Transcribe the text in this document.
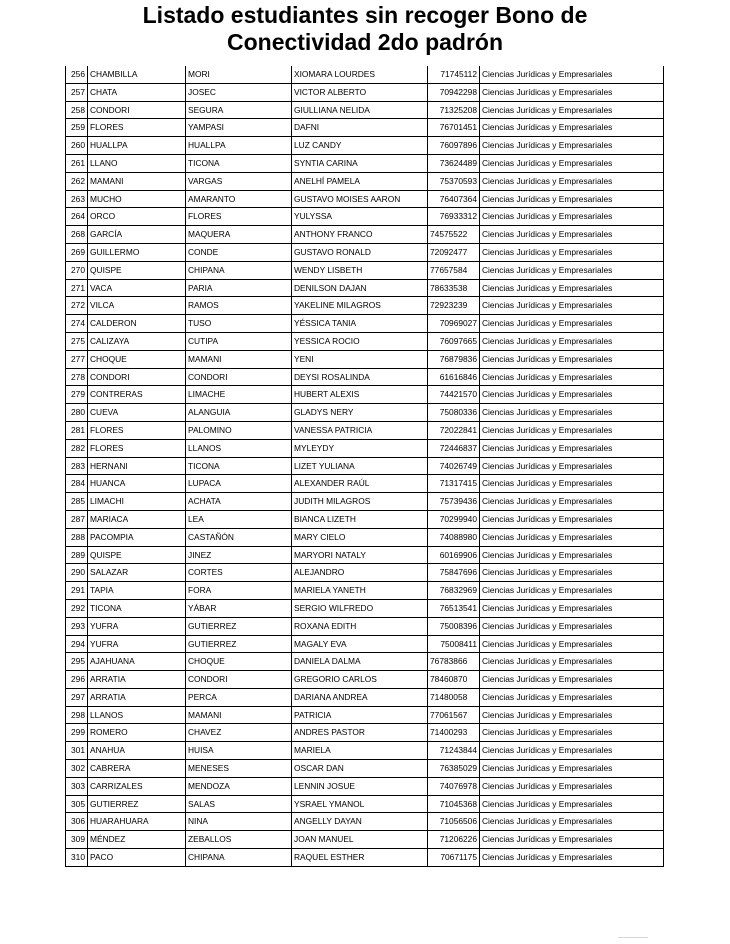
Listado estudiantes sin recoger Bono de
Conectividad 2do padrón
256	CHAMBILLA	MORI	XIOMARA LOURDES	71745112	Ciencias Jurídicas y Empresariales
257	CHATA	JOSEC	VICTOR ALBERTO	70942298	Ciencias Jurídicas y Empresariales
258	CONDORI	SEGURA	GIULLIANA NELIDA	71325208	Ciencias Jurídicas y Empresariales
259	FLORES	YAMPASI	DAFNI	76701451	Ciencias Jurídicas y Empresariales
260	HUALLPA	HUALLPA	LUZ CANDY	76097896	Ciencias Jurídicas y Empresariales
261	LLANO	TICONA	SYNTIA CARINA	73624489	Ciencias Jurídicas y Empresariales
262	MAMANI	VARGAS	ANELHÍ PAMELA	75370593	Ciencias Jurídicas y Empresariales
263	MUCHO	AMARANTO	GUSTAVO MOISES AARON	76407364	Ciencias Jurídicas y Empresariales
264	ORCO	FLORES	YULYSSA	76933312	Ciencias Jurídicas y Empresariales
268	GARCÍA	MAQUERA	ANTHONY FRANCO	74575522	Ciencias Jurídicas y Empresariales
269	GUILLERMO	CONDE	GUSTAVO RONALD	72092477	Ciencias Jurídicas y Empresariales
270	QUISPE	CHIPANA	WENDY LISBETH	77657584	Ciencias Jurídicas y Empresariales
271	VACA	PARIA	DENILSON DAJAN	78633538	Ciencias Jurídicas y Empresariales
272	VILCA	RAMOS	YAKELINE MILAGROS	72923239	Ciencias Jurídicas y Empresariales
274	CALDERON	TUSO	YÉSSICA TANIA	70969027	Ciencias Jurídicas y Empresariales
275	CALIZAYA	CUTIPA	YESSICA ROCIO	76097665	Ciencias Jurídicas y Empresariales
277	CHOQUE	MAMANI	YENI	76879836	Ciencias Jurídicas y Empresariales
278	CONDORI	CONDORI	DEYSI ROSALINDA	61616846	Ciencias Jurídicas y Empresariales
279	CONTRERAS	LIMACHE	HUBERT ALEXIS	74421570	Ciencias Jurídicas y Empresariales
280	CUEVA	ALANGUIA	GLADYS NERY	75080336	Ciencias Jurídicas y Empresariales
281	FLORES	PALOMINO	VANESSA PATRICIA	72022841	Ciencias Jurídicas y Empresariales
282	FLORES	LLANOS	MYLEYDY	72446837	Ciencias Jurídicas y Empresariales
283	HERNANI	TICONA	LIZET YULIANA	74026749	Ciencias Jurídicas y Empresariales
284	HUANCA	LUPACA	ALEXANDER RAÚL	71317415	Ciencias Jurídicas y Empresariales
285	LIMACHI	ACHATA	JUDITH MILAGROS	75739436	Ciencias Jurídicas y Empresariales
287	MARIACA	LEA	BIANCA LIZETH	70299940	Ciencias Jurídicas y Empresariales
288	PACOMPIA	CASTAÑÓN	MARY CIELO	74088980	Ciencias Jurídicas y Empresariales
289	QUISPE	JINEZ	MARYORI NATALY	60169906	Ciencias Jurídicas y Empresariales
290	SALAZAR	CORTES	ALEJANDRO	75847696	Ciencias Jurídicas y Empresariales
291	TAPIA	FORA	MARIELA YANETH	76832969	Ciencias Jurídicas y Empresariales
292	TICONA	YÁBAR	SERGIO WILFREDO	76513541	Ciencias Jurídicas y Empresariales
293	YUFRA	GUTIERREZ	ROXANA EDITH	75008396	Ciencias Jurídicas y Empresariales
294	YUFRA	GUTIERREZ	MAGALY EVA	75008411	Ciencias Jurídicas y Empresariales
295	AJAHUANA	CHOQUE	DANIELA DALMA	76783866	Ciencias Jurídicas y Empresariales
296	ARRATIA	CONDORI	GREGORIO CARLOS	78460870	Ciencias Jurídicas y Empresariales
297	ARRATIA	PERCA	DARIANA ANDREA	71480058	Ciencias Jurídicas y Empresariales
298	LLANOS	MAMANI	PATRICIA	77061567	Ciencias Jurídicas y Empresariales
299	ROMERO	CHAVEZ	ANDRES PASTOR	71400293	Ciencias Jurídicas y Empresariales
301	ANAHUA	HUISA	MARIELA	71243844	Ciencias Jurídicas y Empresariales
302	CABRERA	MENESES	OSCAR DAN	76385029	Ciencias Jurídicas y Empresariales
303	CARRIZALES	MENDOZA	LENNIN JOSUE	74076978	Ciencias Jurídicas y Empresariales
305	GUTIERREZ	SALAS	YSRAEL YMANOL	71045368	Ciencias Jurídicas y Empresariales
306	HUARAHUARA	NINA	ANGELLY DAYAN	71056506	Ciencias Jurídicas y Empresariales
309	MÉNDEZ	ZEBALLOS	JOAN MANUEL	71206226	Ciencias Jurídicas y Empresariales
310	PACO	CHIPANA	RAQUEL ESTHER	70671175	Ciencias Jurídicas y Empresariales
